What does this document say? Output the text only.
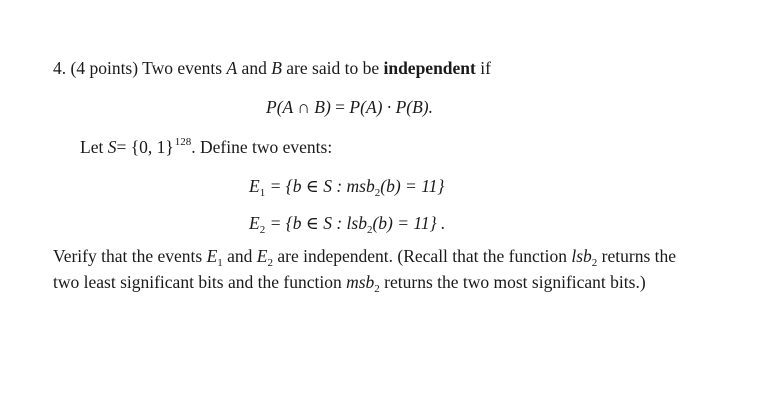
4. (4 points) Two events A and B are said to be independent if
P(A ∩ B) = P(A) · P(B).
Let S= {0, 1}$^{128}$. Define two events:
$E_1 = \{b$ ∈ S : msb$_2$(b) = 11}
$E_2 = \{b$ ∈ S : lsb$_2$(b) = 11} .
Verify that the events $E_1$ and $E_2$ are independent. (Recall that the function lsb$_2$ returns the two least significant bits and the function msb$_2$ returns the two most significant bits.)
